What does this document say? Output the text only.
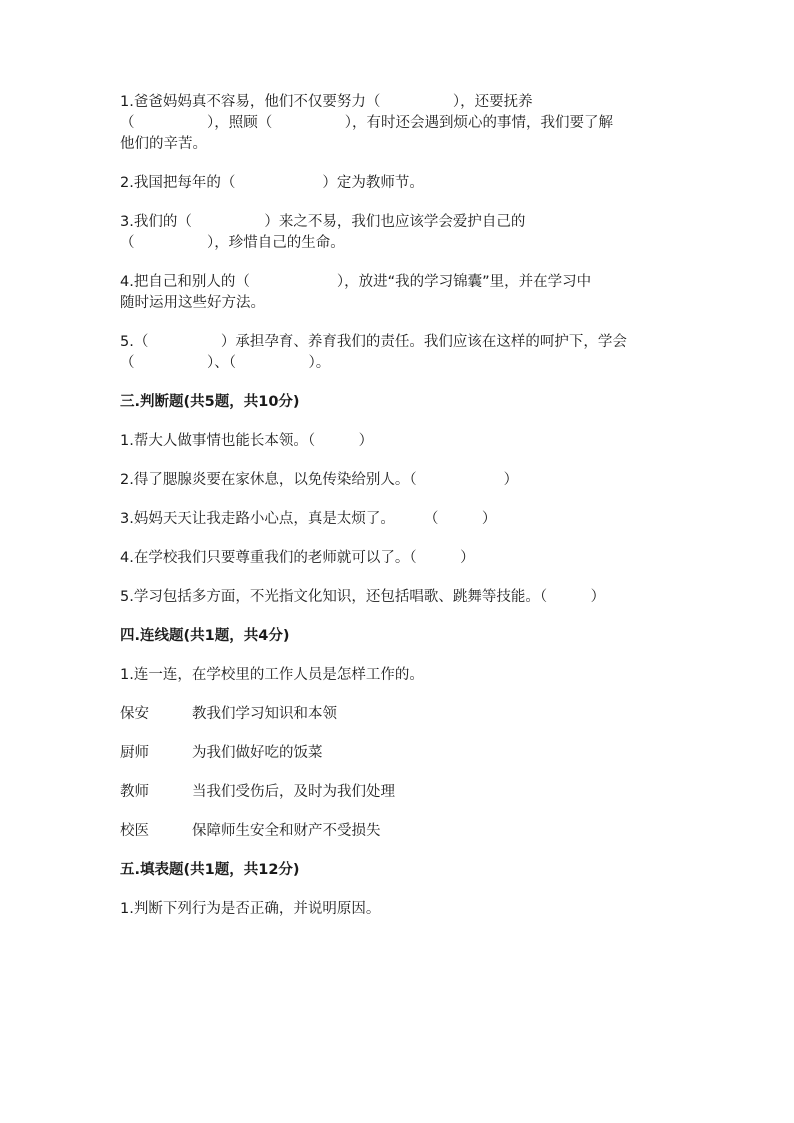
1.爸爸妈妈真不容易，他们不仅要努力（　　　　　），还要抚养
（　　　　　），照顾（　　　　　），有时还会遇到烦心的事情，我们要了解
他们的辛苦。
2.我国把每年的（　　　　　　）定为教师节。
3.我们的（　　　　　）来之不易，我们也应该学会爱护自己的
（　　　　　），珍惜自己的生命。
4.把自己和别人的（　　　　　　），放进“我的学习锦囊”里，并在学习中
随时运用这些好方法。
5.（　　　　　）承担孕育、养育我们的责任。我们应该在这样的呵护下，学会
（　　　　　）、（　　　　　）。
三.判断题(共5题，共10分)
1.帮大人做事情也能长本领。（　　　）
2.得了腮腺炎要在家休息，以免传染给别人。（　　　　　　）
3.妈妈天天让我走路小心点，真是太烦了。　　　（　　　）
4.在学校我们只要尊重我们的老师就可以了。（　　　）
5.学习包括多方面，不光指文化知识，还包括唱歌、跳舞等技能。（　　　）
四.连线题(共1题，共4分)
1.连一连，在学校里的工作人员是怎样工作的。
保安	教我们学习知识和本领
厨师	为我们做好吃的饭菜
教师	当我们受伤后，及时为我们处理
校医	保障师生安全和财产不受损失
五.填表题(共1题，共12分)
1.判断下列行为是否正确，并说明原因。
